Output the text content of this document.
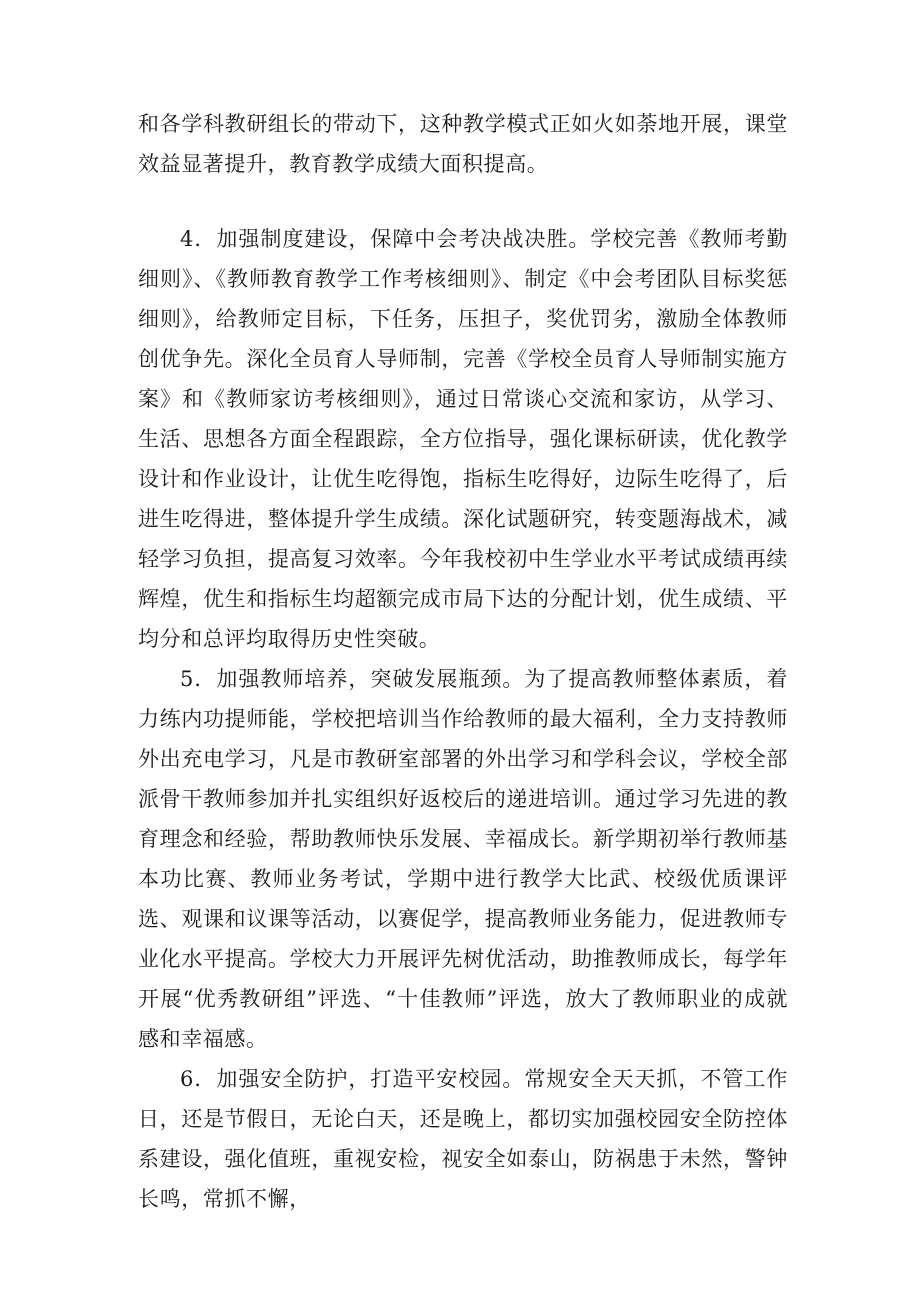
和各学科教研组长的带动下，这种教学模式正如火如荼地开展，课堂效益显著提升，教育教学成绩大面积提高。

4．加强制度建设，保障中会考决战决胜。学校完善《教师考勤细则》、《教师教育教学工作考核细则》、制定《中会考团队目标奖惩细则》，给教师定目标，下任务，压担子，奖优罚劣，激励全体教师创优争先。深化全员育人导师制，完善《学校全员育人导师制实施方案》和《教师家访考核细则》，通过日常谈心交流和家访，从学习、生活、思想各方面全程跟踪，全方位指导，强化课标研读，优化教学设计和作业设计，让优生吃得饱，指标生吃得好，边际生吃得了，后进生吃得进，整体提升学生成绩。深化试题研究，转变题海战术，减轻学习负担，提高复习效率。今年我校初中生学业水平考试成绩再续辉煌，优生和指标生均超额完成市局下达的分配计划，优生成绩、平均分和总评均取得历史性突破。

5．加强教师培养，突破发展瓶颈。为了提高教师整体素质，着力练内功提师能，学校把培训当作给教师的最大福利，全力支持教师外出充电学习，凡是市教研室部署的外出学习和学科会议，学校全部派骨干教师参加并扎实组织好返校后的递进培训。通过学习先进的教育理念和经验，帮助教师快乐发展、幸福成长。新学期初举行教师基本功比赛、教师业务考试，学期中进行教学大比武、校级优质课评选、观课和议课等活动，以赛促学，提高教师业务能力，促进教师专业化水平提高。学校大力开展评先树优活动，助推教师成长，每学年开展“优秀教研组”评选、“十佳教师”评选，放大了教师职业的成就感和幸福感。

6．加强安全防护，打造平安校园。常规安全天天抓，不管工作日，还是节假日，无论白天，还是晚上，都切实加强校园安全防控体系建设，强化值班，重视安检，视安全如泰山，防祸患于未然，警钟长鸣，常抓不懈，
